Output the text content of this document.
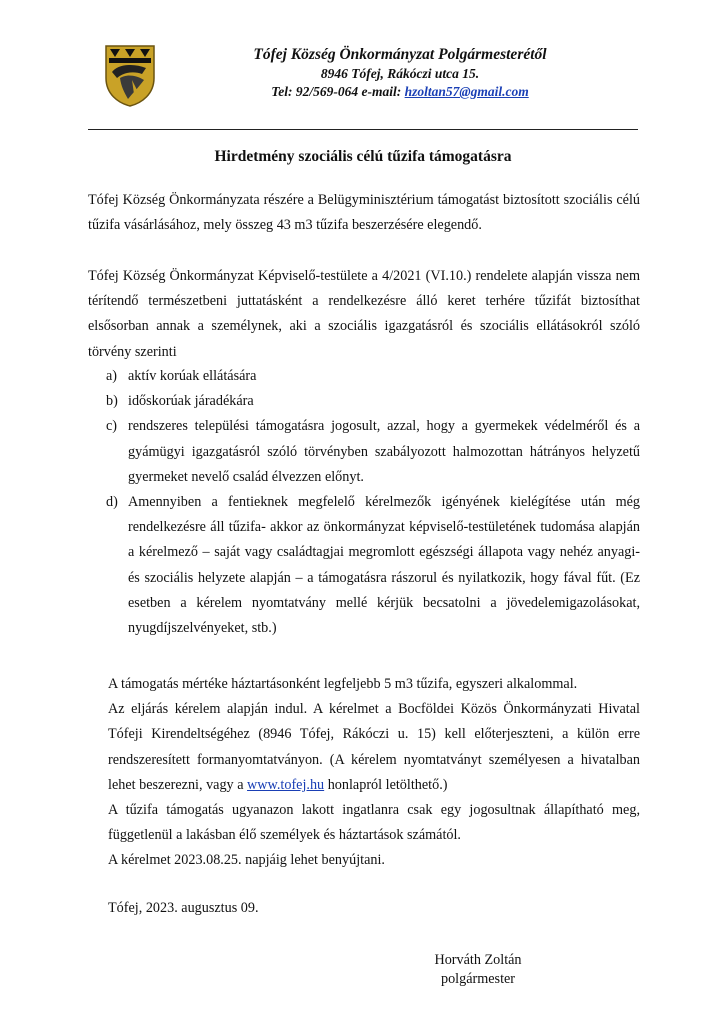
Tófej Község Önkormányzat Polgármesterétől
8946 Tófej, Rákóczi utca 15.
Tel: 92/569-064 e-mail: hzoltan57@gmail.com
Hirdetmény szociális célú tűzifa támogatásra
Tófej Község Önkormányzata részére a Belügyminisztérium támogatást biztosított szociális célú tűzifa vásárlásához, mely összeg 43 m3 tűzifa beszerzésére elegendő.
Tófej Község Önkormányzat Képviselő-testülete a 4/2021 (VI.10.) rendelete alapján vissza nem térítendő természetbeni juttatásként a rendelkezésre álló keret terhére tűzifát biztosíthat elsősorban annak a személynek, aki a szociális igazgatásról és szociális ellátásokról szóló törvény szerinti
a) aktív korúak ellátására
b) időskorúak járadékára
c) rendszeres települési támogatásra jogosult, azzal, hogy a gyermekek védelméről és a gyámügyi igazgatásról szóló törvényben szabályozott halmozottan hátrányos helyzetű gyermeket nevelő család élvezzen előnyt.
d) Amennyiben a fentieknek megfelelő kérelmezők igényének kielégítése után még rendelkezésre áll tűzifa- akkor az önkormányzat képviselő-testületének tudomása alapján a kérelmező – saját vagy családtagjai megromlott egészségi állapota vagy nehéz anyagi- és szociális helyzete alapján – a támogatásra rászorul és nyilatkozik, hogy fával fűt. (Ez esetben a kérelem nyomtatvány mellé kérjük becsatolni a jövedelemigazolásokat, nyugdíjszelvényeket, stb.)

A támogatás mértéke háztartásonként legfeljebb 5 m3 tűzifa, egyszeri alkalommal.

Az eljárás kérelem alapján indul. A kérelmet a Bocföldei Közös Önkormányzati Hivatal Tófeji Kirendeltségéhez (8946 Tófej, Rákóczi u. 15) kell előterjeszteni, a külön erre rendszeresített formanyomtatványon. (A kérelem nyomtatványt személyesen a hivatalban lehet beszerezni, vagy a www.tofej.hu honlapról letölthető.)

A tűzifa támogatás ugyanazon lakott ingatlanra csak egy jogosultnak állapítható meg, függetlenül a lakásban élő személyek és háztartások számától.

A kérelmet 2023.08.25. napjáig lehet benyújtani.

Tófej, 2023. augusztus 09.
Horváth Zoltán
polgármester
